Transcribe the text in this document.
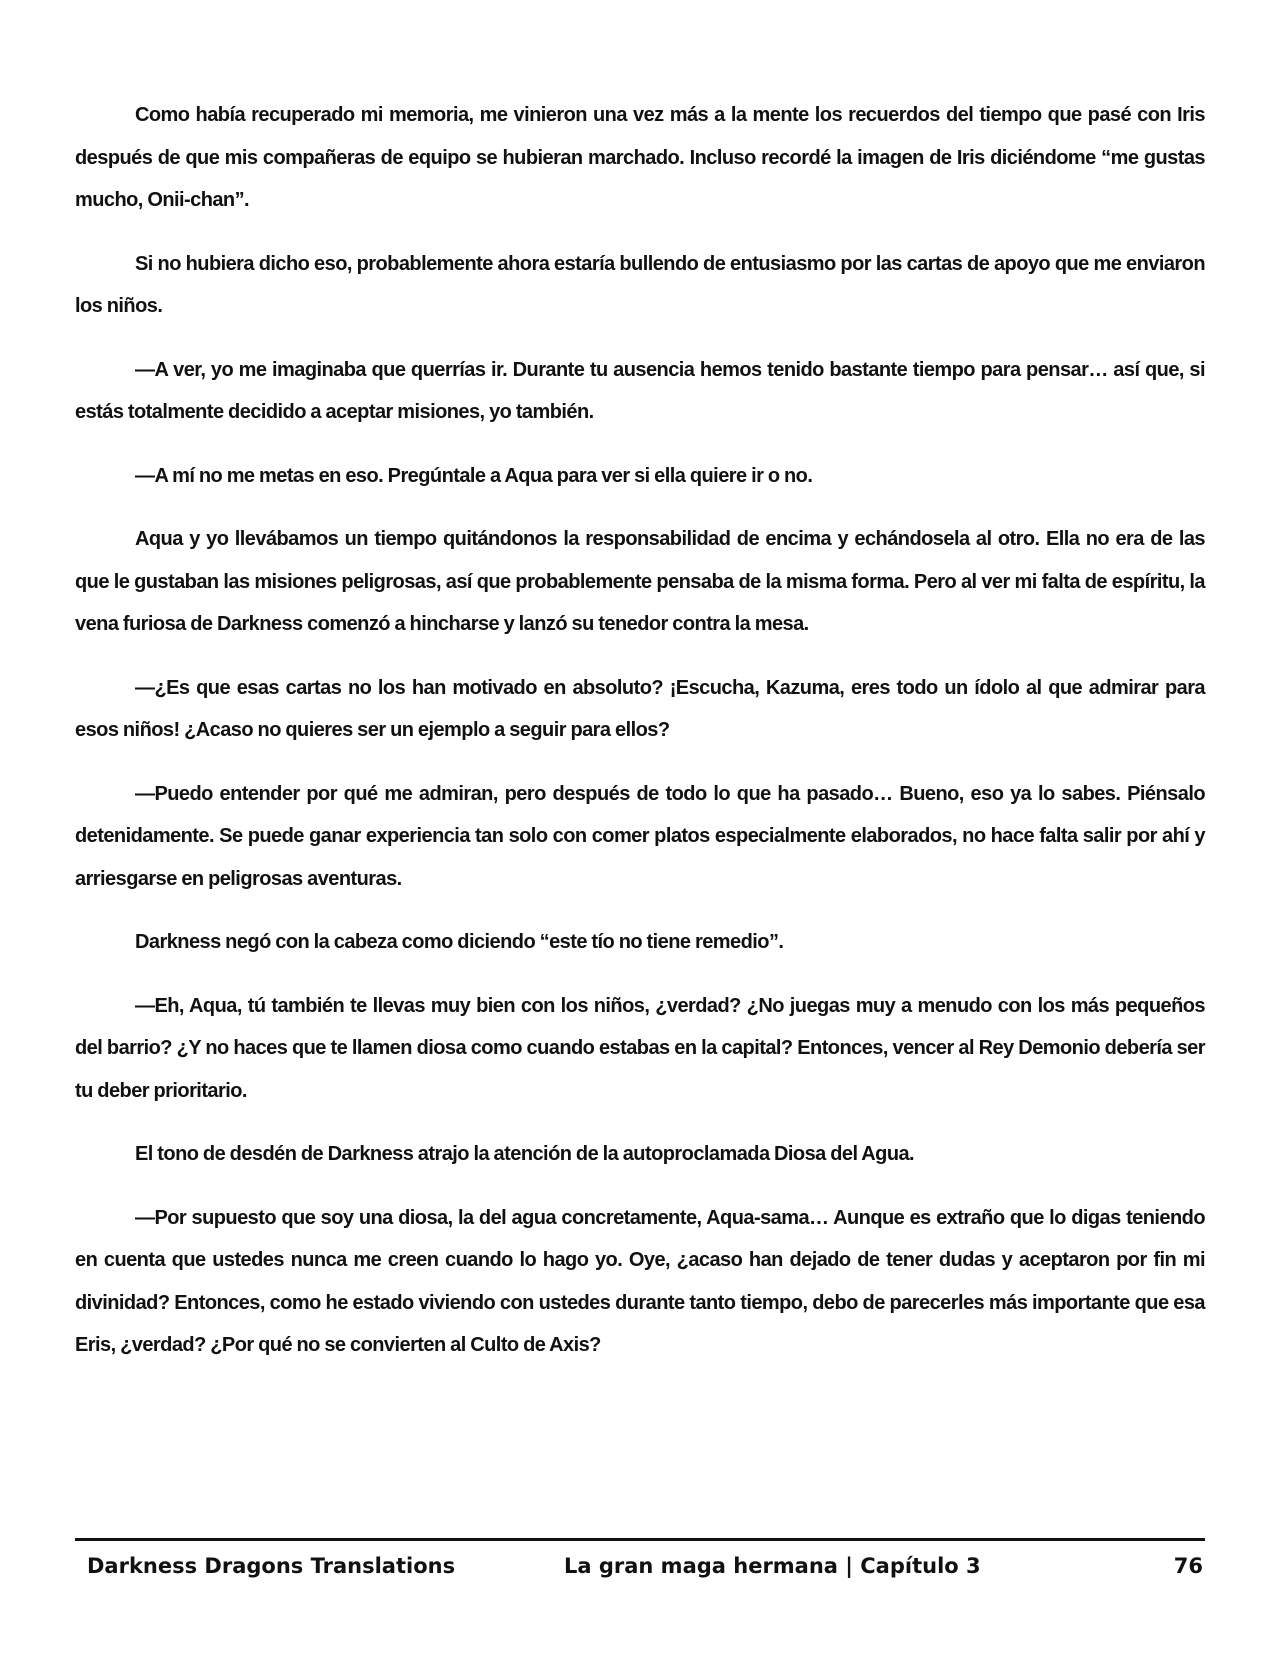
Como había recuperado mi memoria, me vinieron una vez más a la mente los recuerdos del tiempo que pasé con Iris después de que mis compañeras de equipo se hubieran marchado. Incluso recordé la imagen de Iris diciéndome “me gustas mucho, Onii-chan”.

Si no hubiera dicho eso, probablemente ahora estaría bullendo de entusiasmo por las cartas de apoyo que me enviaron los niños.

—A ver, yo me imaginaba que querrías ir. Durante tu ausencia hemos tenido bastante tiempo para pensar… así que, si estás totalmente decidido a aceptar misiones, yo también.

—A mí no me metas en eso. Pregúntale a Aqua para ver si ella quiere ir o no.

Aqua y yo llevábamos un tiempo quitándonos la responsabilidad de encima y echándosela al otro. Ella no era de las que le gustaban las misiones peligrosas, así que probablemente pensaba de la misma forma. Pero al ver mi falta de espíritu, la vena furiosa de Darkness comenzó a hincharse y lanzó su tenedor contra la mesa.

—¿Es que esas cartas no los han motivado en absoluto? ¡Escucha, Kazuma, eres todo un ídolo al que admirar para esos niños! ¿Acaso no quieres ser un ejemplo a seguir para ellos?

—Puedo entender por qué me admiran, pero después de todo lo que ha pasado… Bueno, eso ya lo sabes. Piénsalo detenidamente. Se puede ganar experiencia tan solo con comer platos especialmente elaborados, no hace falta salir por ahí y arriesgarse en peligrosas aventuras.

Darkness negó con la cabeza como diciendo “este tío no tiene remedio”.

—Eh, Aqua, tú también te llevas muy bien con los niños, ¿verdad? ¿No juegas muy a menudo con los más pequeños del barrio? ¿Y no haces que te llamen diosa como cuando estabas en la capital? Entonces, vencer al Rey Demonio debería ser tu deber prioritario.

El tono de desdén de Darkness atrajo la atención de la autoproclamada Diosa del Agua.

—Por supuesto que soy una diosa, la del agua concretamente, Aqua-sama… Aunque es extraño que lo digas teniendo en cuenta que ustedes nunca me creen cuando lo hago yo. Oye, ¿acaso han dejado de tener dudas y aceptaron por fin mi divinidad? Entonces, como he estado viviendo con ustedes durante tanto tiempo, debo de parecerles más importante que esa Eris, ¿verdad? ¿Por qué no se convierten al Culto de Axis?

Darkness Dragons Translations	La gran maga hermana | Capítulo 3	76
